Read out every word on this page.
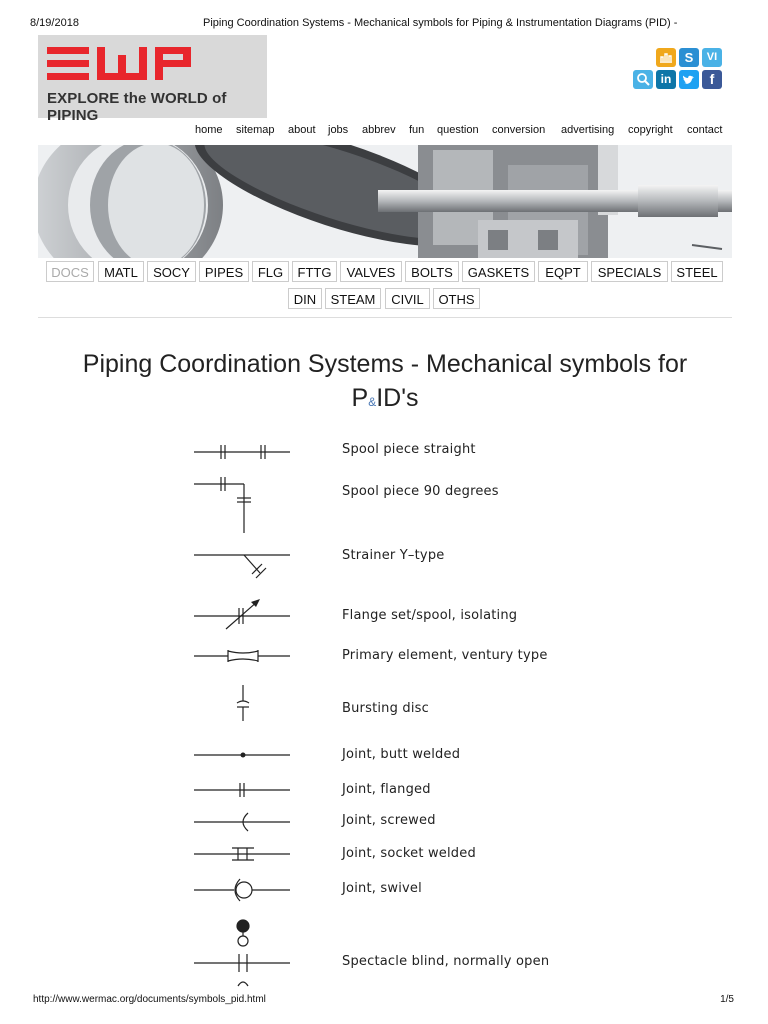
8/19/2018	Piping Coordination Systems - Mechanical symbols for Piping & Instrumentation Diagrams (PID) -
EXPLORE the WORLD of PIPING
S	VI
in	f
home sitemap about jobs abbrev fun question conversion advertising copyright contact
DOCS	MATL	SOCY	PIPES	FLG	FTTG	VALVES	BOLTS	GASKETS	EQPT	SPECIALS	STEEL
DIN	STEAM	CIVIL	OTHS
Piping Coordination Systems - Mechanical symbols for
P&ID's
Spool piece straight
Spool piece 90 degrees
Strainer Y–type
Flange set/spool, isolating
Primary element, ventury type
Bursting disc
Joint, butt welded
Joint, flanged
Joint, screwed
Joint, socket welded
Joint, swivel
Spectacle blind, normally open
http://www.wermac.org/documents/symbols_pid.html	1/5
